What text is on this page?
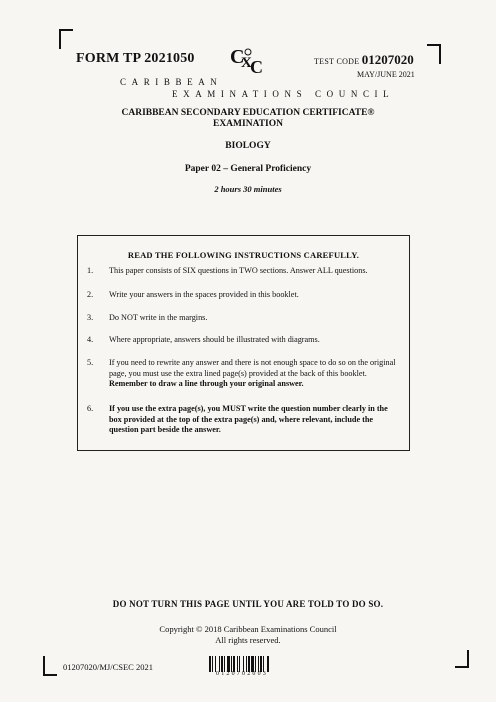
FORM TP 2021050 C
X
C	TEST CODE 01207020
MAY/JUNE 2021
CARIBBEAN
EXAMINATIONS COUNCIL
CARIBBEAN SECONDARY EDUCATION CERTIFICATE®
EXAMINATION
BIOLOGY
Paper 02 – General Proficiency
2 hours 30 minutes
READ THE FOLLOWING INSTRUCTIONS CAREFULLY.
1.	This paper consists of SIX questions in TWO sections. Answer ALL questions.
2.	Write your answers in the spaces provided in this booklet.
3.	Do NOT write in the margins.
4.	Where appropriate, answers should be illustrated with diagrams.
5.	If you need to rewrite any answer and there is not enough space to do so on the original page, you must use the extra lined page(s) provided at the back of this booklet. Remember to draw a line through your original answer.
6.	If you use the extra page(s), you MUST write the question number clearly in the box provided at the top of the extra page(s) and, where relevant, include the question part beside the answer.
DO NOT TURN THIS PAGE UNTIL YOU ARE TOLD TO DO SO.
Copyright © 2018 Caribbean Examinations Council
All rights reserved.
01207020/MJ/CSEC 2021
0120702003
